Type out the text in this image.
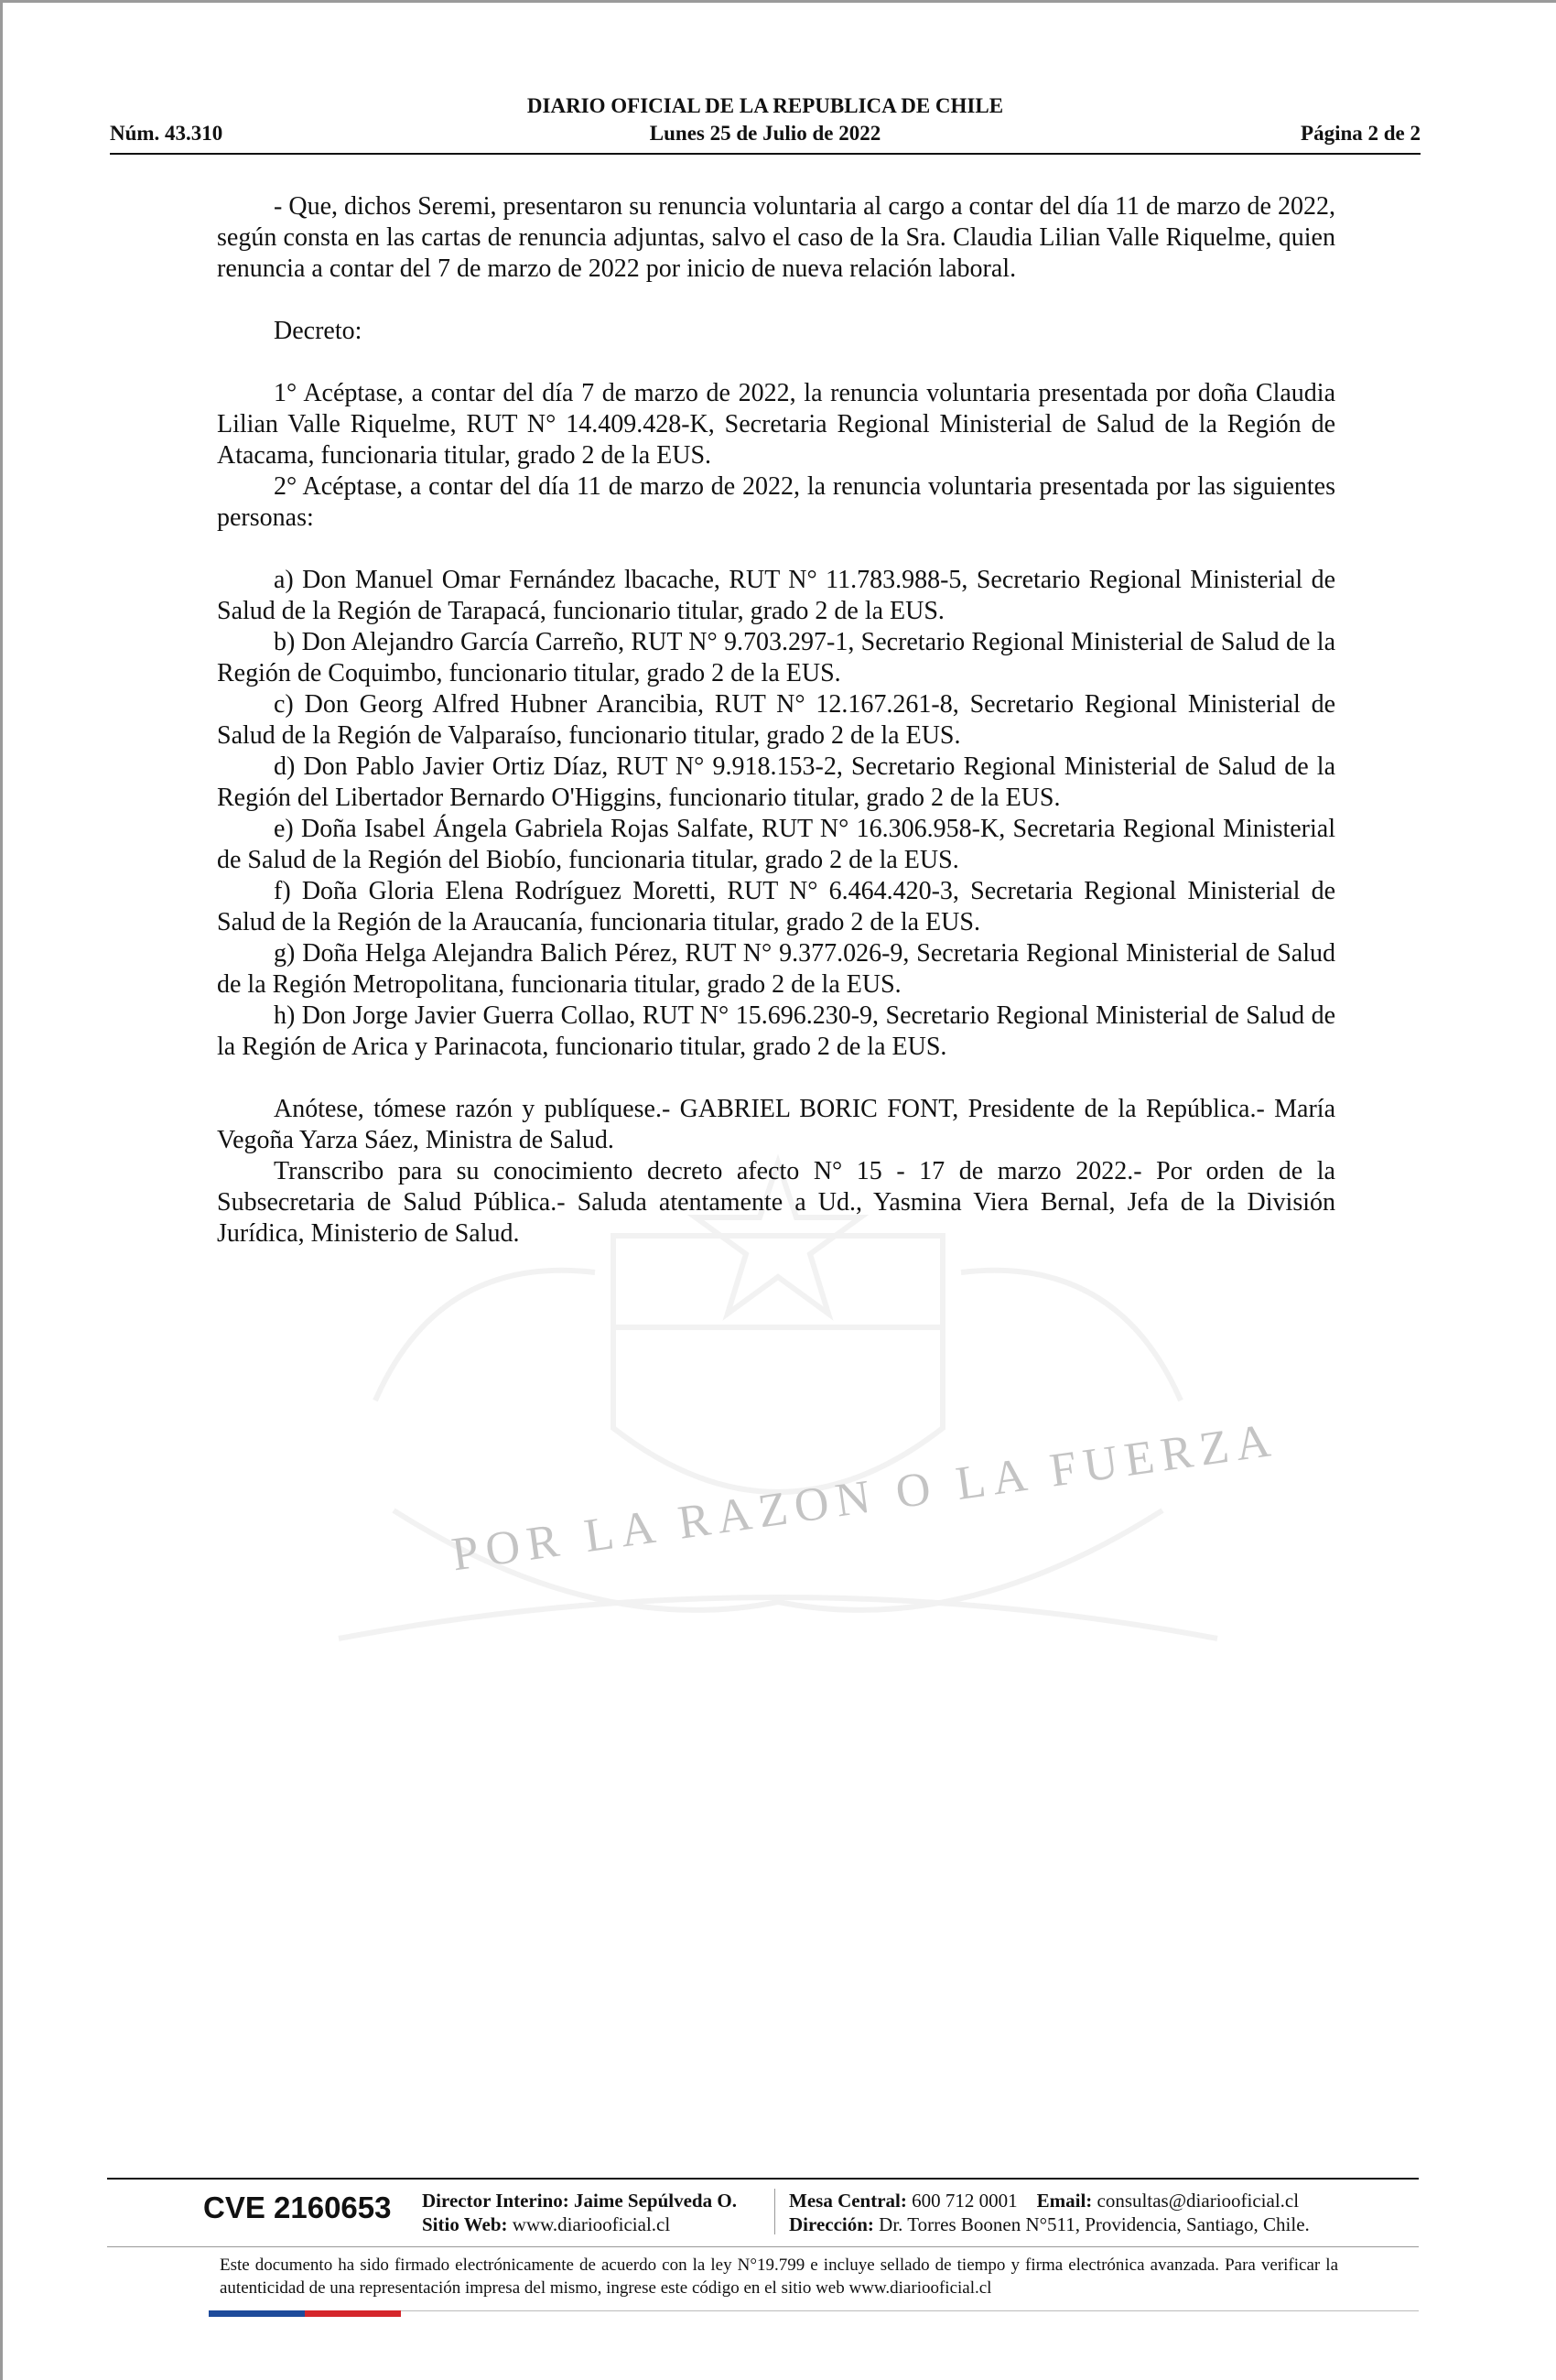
POR LA RAZON O LA FUERZA
DIARIO OFICIAL DE LA REPUBLICA DE CHILE
Núm. 43.310	Lunes 25 de Julio de 2022	Página 2 de 2

- Que, dichos Seremi, presentaron su renuncia voluntaria al cargo a contar del día 11 de marzo de 2022, según consta en las cartas de renuncia adjuntas, salvo el caso de la Sra. Claudia Lilian Valle Riquelme, quien renuncia a contar del 7 de marzo de 2022 por inicio de nueva relación laboral.

Decreto:

1° Acéptase, a contar del día 7 de marzo de 2022, la renuncia voluntaria presentada por doña Claudia Lilian Valle Riquelme, RUT N° 14.409.428-K, Secretaria Regional Ministerial de Salud de la Región de Atacama, funcionaria titular, grado 2 de la EUS.

2° Acéptase, a contar del día 11 de marzo de 2022, la renuncia voluntaria presentada por las siguientes personas:

a) Don Manuel Omar Fernández lbacache, RUT N° 11.783.988-5, Secretario Regional Ministerial de Salud de la Región de Tarapacá, funcionario titular, grado 2 de la EUS.

b) Don Alejandro García Carreño, RUT N° 9.703.297-1, Secretario Regional Ministerial de Salud de la Región de Coquimbo, funcionario titular, grado 2 de la EUS.

c) Don Georg Alfred Hubner Arancibia, RUT N° 12.167.261-8, Secretario Regional Ministerial de Salud de la Región de Valparaíso, funcionario titular, grado 2 de la EUS.

d) Don Pablo Javier Ortiz Díaz, RUT N° 9.918.153-2, Secretario Regional Ministerial de Salud de la Región del Libertador Bernardo O'Higgins, funcionario titular, grado 2 de la EUS.

e) Doña Isabel Ángela Gabriela Rojas Salfate, RUT N° 16.306.958-K, Secretaria Regional Ministerial de Salud de la Región del Biobío, funcionaria titular, grado 2 de la EUS.

f) Doña Gloria Elena Rodríguez Moretti, RUT N° 6.464.420-3, Secretaria Regional Ministerial de Salud de la Región de la Araucanía, funcionaria titular, grado 2 de la EUS.

g) Doña Helga Alejandra Balich Pérez, RUT N° 9.377.026-9, Secretaria Regional Ministerial de Salud de la Región Metropolitana, funcionaria titular, grado 2 de la EUS.

h) Don Jorge Javier Guerra Collao, RUT N° 15.696.230-9, Secretario Regional Ministerial de Salud de la Región de Arica y Parinacota, funcionario titular, grado 2 de la EUS.

Anótese, tómese razón y publíquese.- GABRIEL BORIC FONT, Presidente de la República.- María Vegoña Yarza Sáez, Ministra de Salud.

Transcribo para su conocimiento decreto afecto N° 15 - 17 de marzo 2022.- Por orden de la Subsecretaria de Salud Pública.- Saluda atentamente a Ud., Yasmina Viera Bernal, Jefa de la División Jurídica, Ministerio de Salud.

CVE 2160653 Director Interino: Jaime Sepúlveda O.
Sitio Web: www.diariooficial.cl
Mesa Central: 600 712 0001 Email: consultas@diariooficial.cl
Dirección: Dr. Torres Boonen N°511, Providencia, Santiago, Chile.
Este documento ha sido firmado electrónicamente de acuerdo con la ley N°19.799 e incluye sellado de tiempo y firma electrónica avanzada. Para verificar la autenticidad de una representación impresa del mismo, ingrese este código en el sitio web www.diariooficial.cl
